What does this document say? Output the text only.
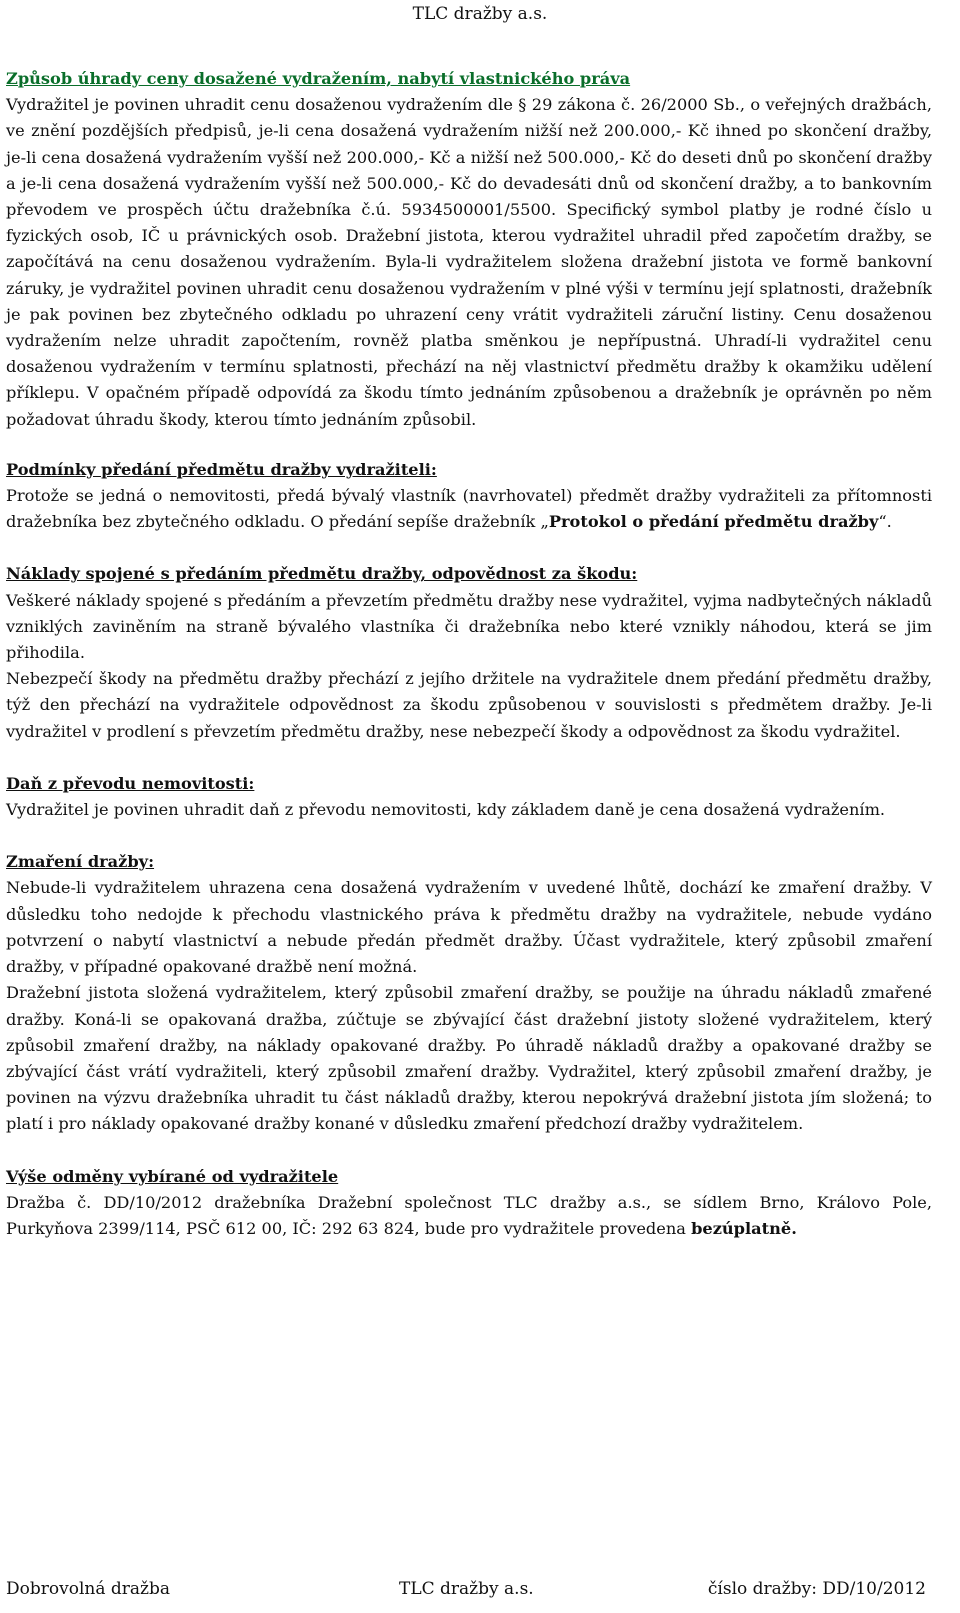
TLC dražby a.s.
Způsob úhrady ceny dosažené vydražením, nabytí vlastnického práva

Vydražitel je povinen uhradit cenu dosaženou vydražením dle § 29 zákona č. 26/2000 Sb., o veřejných dražbách, ve znění pozdějších předpisů, je-li cena dosažená vydražením nižší než 200.000,- Kč ihned po skončení dražby, je-li cena dosažená vydražením vyšší než 200.000,- Kč a nižší než 500.000,- Kč do deseti dnů po skončení dražby a je-li cena dosažená vydražením vyšší než 500.000,- Kč do devadesáti dnů od skončení dražby, a to bankovním převodem ve prospěch účtu dražebníka č.ú. 5934500001/5500. Specifický symbol platby je rodné číslo u fyzických osob, IČ u právnických osob. Dražební jistota, kterou vydražitel uhradil před započetím dražby, se započítává na cenu dosaženou vydražením. Byla-li vydražitelem složena dražební jistota ve formě bankovní záruky, je vydražitel povinen uhradit cenu dosaženou vydražením v plné výši v termínu její splatnosti, dražebník je pak povinen bez zbytečného odkladu po uhrazení ceny vrátit vydražiteli záruční listiny. Cenu dosaženou vydražením nelze uhradit započtením, rovněž platba směnkou je nepřípustná. Uhradí-li vydražitel cenu dosaženou vydražením v termínu splatnosti, přechází na něj vlastnictví předmětu dražby k okamžiku udělení příklepu. V opačném případě odpovídá za škodu tímto jednáním způsobenou a dražebník je oprávněn po něm požadovat úhradu škody, kterou tímto jednáním způsobil.

Podmínky předání předmětu dražby vydražiteli:

Protože se jedná o nemovitosti, předá bývalý vlastník (navrhovatel) předmět dražby vydražiteli za přítomnosti dražebníka bez zbytečného odkladu. O předání sepíše dražebník „Protokol o předání předmětu dražby“.

Náklady spojené s předáním předmětu dražby, odpovědnost za škodu:

Veškeré náklady spojené s předáním a převzetím předmětu dražby nese vydražitel, vyjma nadbytečných nákladů vzniklých zaviněním na straně bývalého vlastníka či dražebníka nebo které vznikly náhodou, která se jim přihodila.

Nebezpečí škody na předmětu dražby přechází z jejího držitele na vydražitele dnem předání předmětu dražby, týž den přechází na vydražitele odpovědnost za škodu způsobenou v souvislosti s předmětem dražby. Je-li vydražitel v prodlení s převzetím předmětu dražby, nese nebezpečí škody a odpovědnost za škodu vydražitel.

Daň z převodu nemovitosti:

Vydražitel je povinen uhradit daň z převodu nemovitosti, kdy základem daně je cena dosažená vydražením.

Zmaření dražby:

Nebude-li vydražitelem uhrazena cena dosažená vydražením v uvedené lhůtě, dochází ke zmaření dražby. V důsledku toho nedojde k přechodu vlastnického práva k předmětu dražby na vydražitele, nebude vydáno potvrzení o nabytí vlastnictví a nebude předán předmět dražby. Účast vydražitele, který způsobil zmaření dražby, v případné opakované dražbě není možná.

Dražební jistota složená vydražitelem, který způsobil zmaření dražby, se použije na úhradu nákladů zmařené dražby. Koná-li se opakovaná dražba, zúčtuje se zbývající část dražební jistoty složené vydražitelem, který způsobil zmaření dražby, na náklady opakované dražby. Po úhradě nákladů dražby a opakované dražby se zbývající část vrátí vydražiteli, který způsobil zmaření dražby. Vydražitel, který způsobil zmaření dražby, je povinen na výzvu dražebníka uhradit tu část nákladů dražby, kterou nepokrývá dražební jistota jím složená; to platí i pro náklady opakované dražby konané v důsledku zmaření předchozí dražby vydražitelem.

Výše odměny vybírané od vydražitele

Dražba č. DD/10/2012 dražebníka Dražební společnost TLC dražby a.s., se sídlem Brno, Královo Pole, Purkyňova 2399/114, PSČ 612 00, IČ: 292 63 824, bude pro vydražitele provedena bezúplatně.

Dobrovolná dražba	TLC dražby a.s.	číslo dražby: DD/10/2012
